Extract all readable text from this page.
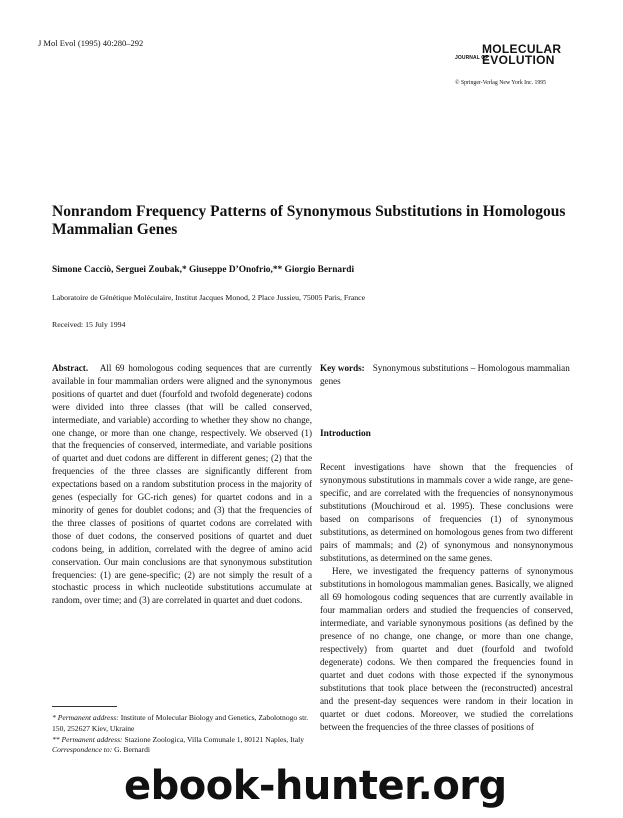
J Mol Evol (1995) 40:280–292
JOURNAL OF
MOLECULAR
EVOLUTION
© Springer-Verlag New York Inc. 1995
Nonrandom Frequency Patterns of Synonymous Substitutions in Homologous Mammalian Genes
Simone Cacciò, Serguei Zoubak,* Giuseppe D’Onofrio,** Giorgio Bernardi
Laboratoire de Génétique Moléculaire, Institut Jacques Monod, 2 Place Jussieu, 75005 Paris, France
Received: 15 July 1994
Abstract. All 69 homologous coding sequences that are currently available in four mammalian orders were aligned and the synonymous positions of quartet and duet (fourfold and twofold degenerate) codons were divided into three classes (that will be called conserved, intermediate, and variable) according to whether they show no change, one change, or more than one change, respectively. We observed (1) that the frequencies of conserved, intermediate, and variable positions of quartet and duet codons are different in different genes; (2) that the frequencies of the three classes are significantly different from expectations based on a random substitution process in the majority of genes (especially for GC-rich genes) for quartet codons and in a minority of genes for doublet codons; and (3) that the frequencies of the three classes of positions of quartet codons are correlated with those of duet codons, the conserved positions of quartet and duet codons being, in addition, correlated with the degree of amino acid conservation. Our main conclusions are that synonymous substitution frequencies: (1) are gene-specific; (2) are not simply the result of a stochastic process in which nucleotide substitutions accumulate at random, over time; and (3) are correlated in quartet and duet codons.
Key words: Synonymous substitutions – Homologous mammalian genes
Introduction

Recent investigations have shown that the frequencies of synonymous substitutions in mammals cover a wide range, are gene-specific, and are correlated with the frequencies of nonsynonymous substitutions (Mouchiroud et al. 1995). These conclusions were based on comparisons of frequencies (1) of synonymous substitutions, as determined on homologous genes from two different pairs of mammals; and (2) of synonymous and nonsynonymous substitutions, as determined on the same genes.

Here, we investigated the frequency patterns of synonymous substitutions in homologous mammalian genes. Basically, we aligned all 69 homologous coding sequences that are currently available in four mammalian orders and studied the frequencies of conserved, intermediate, and variable synonymous positions (as defined by the presence of no change, one change, or more than one change, respectively) from quartet and duet (fourfold and twofold degenerate) codons. We then compared the frequencies found in quartet and duet codons with those expected if the synonymous substitutions that took place between the (reconstructed) ancestral and the present-day sequences were random in their location in quartet or duet codons. Moreover, we studied the correlations between the frequencies of the three classes of positions of

* Permanent address: Institute of Molecular Biology and Genetics, Zabolotnogo str. 150, 252627 Kiev, Ukraine
** Permanent address: Stazione Zoologica, Villa Comunale 1, 80121 Naples, Italy
Correspondence to: G. Bernardi
ebook-hunter.org
